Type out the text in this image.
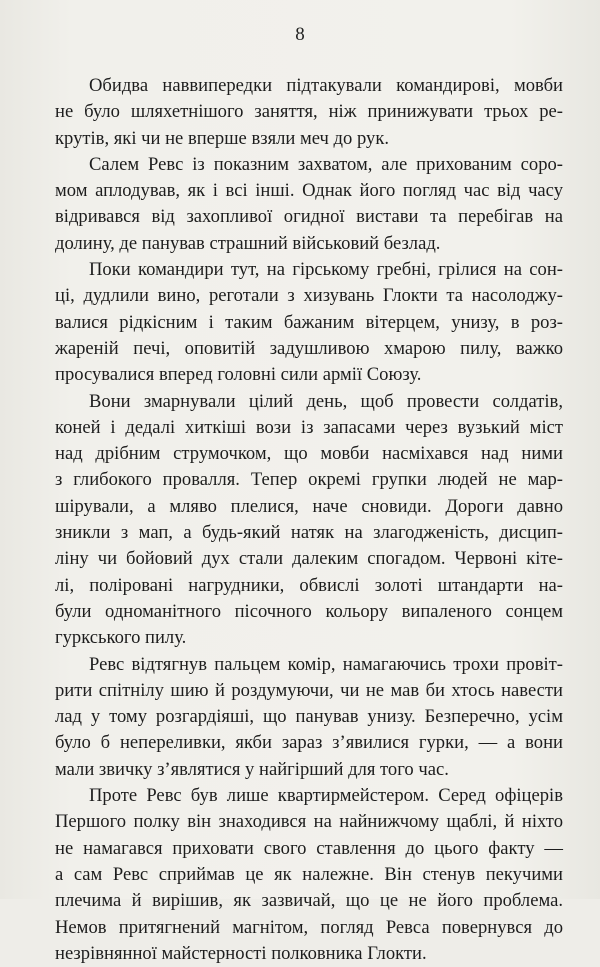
8
Обидва наввипередки підтакували командирові, мовби
не було шляхетнішого заняття, ніж принижувати трьох ре-
крутів, які чи не вперше взяли меч до рук.
Салем Ревс із показним захватом, але прихованим соро-
мом аплодував, як і всі інші. Однак його погляд час від часу
відривався від захопливої огидної вистави та перебігав на
долину, де панував страшний військовий безлад.
Поки командири тут, на гірському гребні, грілися на сон-
ці, дудлили вино, реготали з хизувань Глокти та насолоджу-
валися рідкісним і таким бажаним вітерцем, унизу, в роз-
жареній печі, оповитій задушливою хмарою пилу, важко
просувалися вперед головні сили армії Союзу.
Вони змарнували цілий день, щоб провести солдатів,
коней і дедалі хиткіші вози із запасами через вузький міст
над дрібним струмочком, що мовби насміхався над ними
з глибокого провалля. Тепер окремі групки людей не мар-
шірували, а мляво плелися, наче сновиди. Дороги давно
зникли з мап, а будь-який натяк на злагодженість, дисцип-
ліну чи бойовий дух стали далеким спогадом. Червоні кіте-
лі, поліровані нагрудники, обвислі золоті штандарти на-
були одноманітного пісочного кольору випаленого сонцем
гуркського пилу.
Ревс відтягнув пальцем комір, намагаючись трохи провіт-
рити спітнілу шию й роздумуючи, чи не мав би хтось навести
лад у тому розгардіяші, що панував унизу. Безперечно, усім
було б непереливки, якби зараз з’явилися гурки, — а вони
мали звичку з’являтися у найгірший для того час.
Проте Ревс був лише квартирмейстером. Серед офіцерів
Першого полку він знаходився на найнижчому щаблі, й ніхто
не намагався приховати свого ставлення до цього факту —
а сам Ревс сприймав це як належне. Він стенув пекучими
плечима й вирішив, як зазвичай, що це не його проблема.
Немов притягнений магнітом, погляд Ревса повернувся до
незрівнянної майстерності полковника Глокти.
